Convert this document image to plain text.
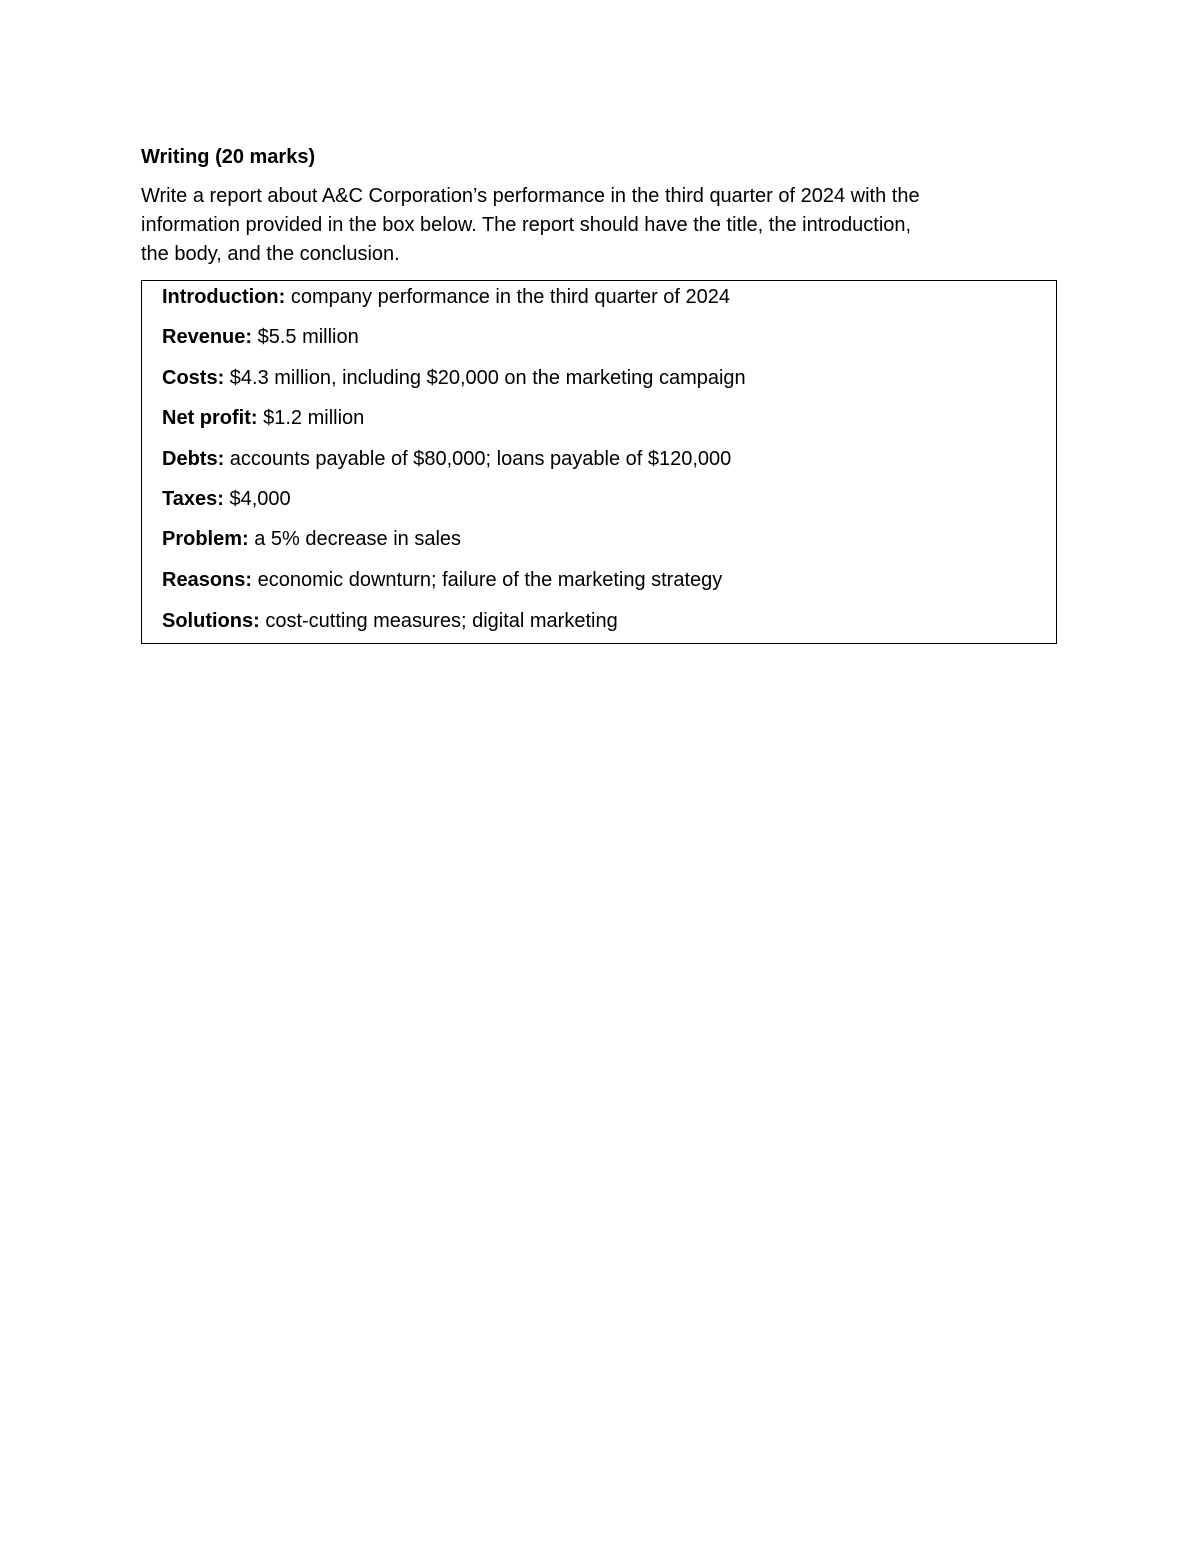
Writing (20 marks)
Write a report about A&C Corporation’s performance in the third quarter of 2024 with the
information provided in the box below. The report should have the title, the introduction,
the body, and the conclusion.
Introduction: company performance in the third quarter of 2024
Revenue: $5.5 million
Costs: $4.3 million, including $20,000 on the marketing campaign
Net profit: $1.2 million
Debts: accounts payable of $80,000; loans payable of $120,000
Taxes: $4,000
Problem: a 5% decrease in sales
Reasons: economic downturn; failure of the marketing strategy
Solutions: cost-cutting measures; digital marketing
